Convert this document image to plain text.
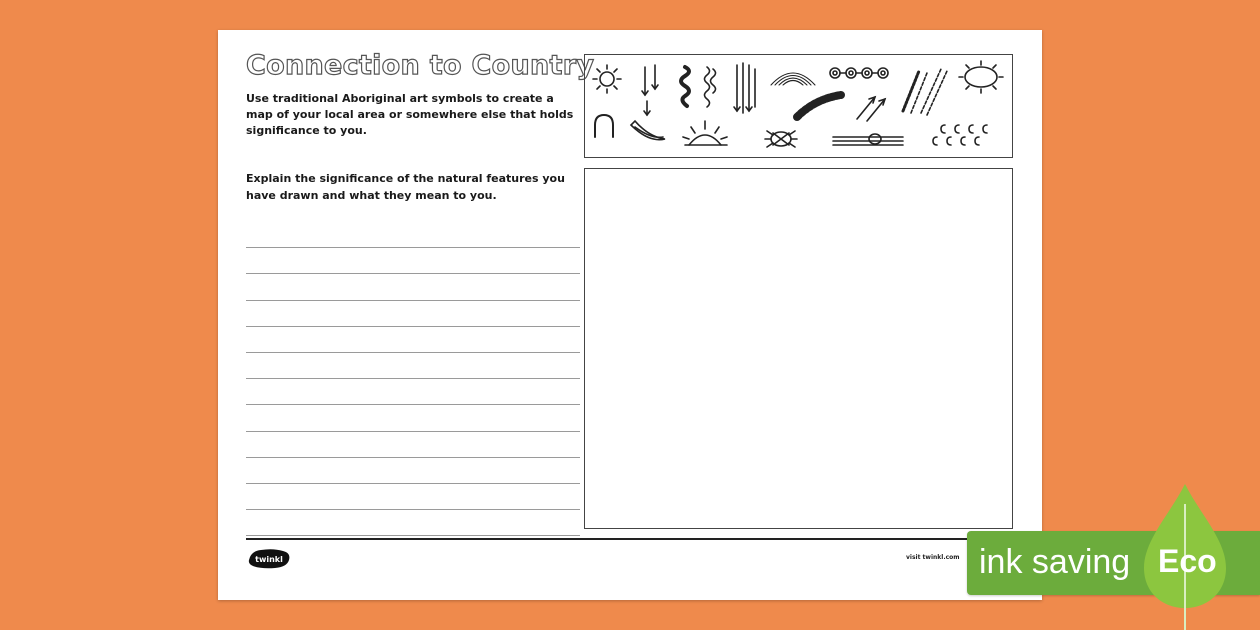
Connection to Country
Use traditional Aboriginal art symbols to create a map of your local area or somewhere else that holds significance to you.
Explain the significance of the natural features you have drawn and what they mean to you.
twinkl	visit twinkl.com ink saving Eco
